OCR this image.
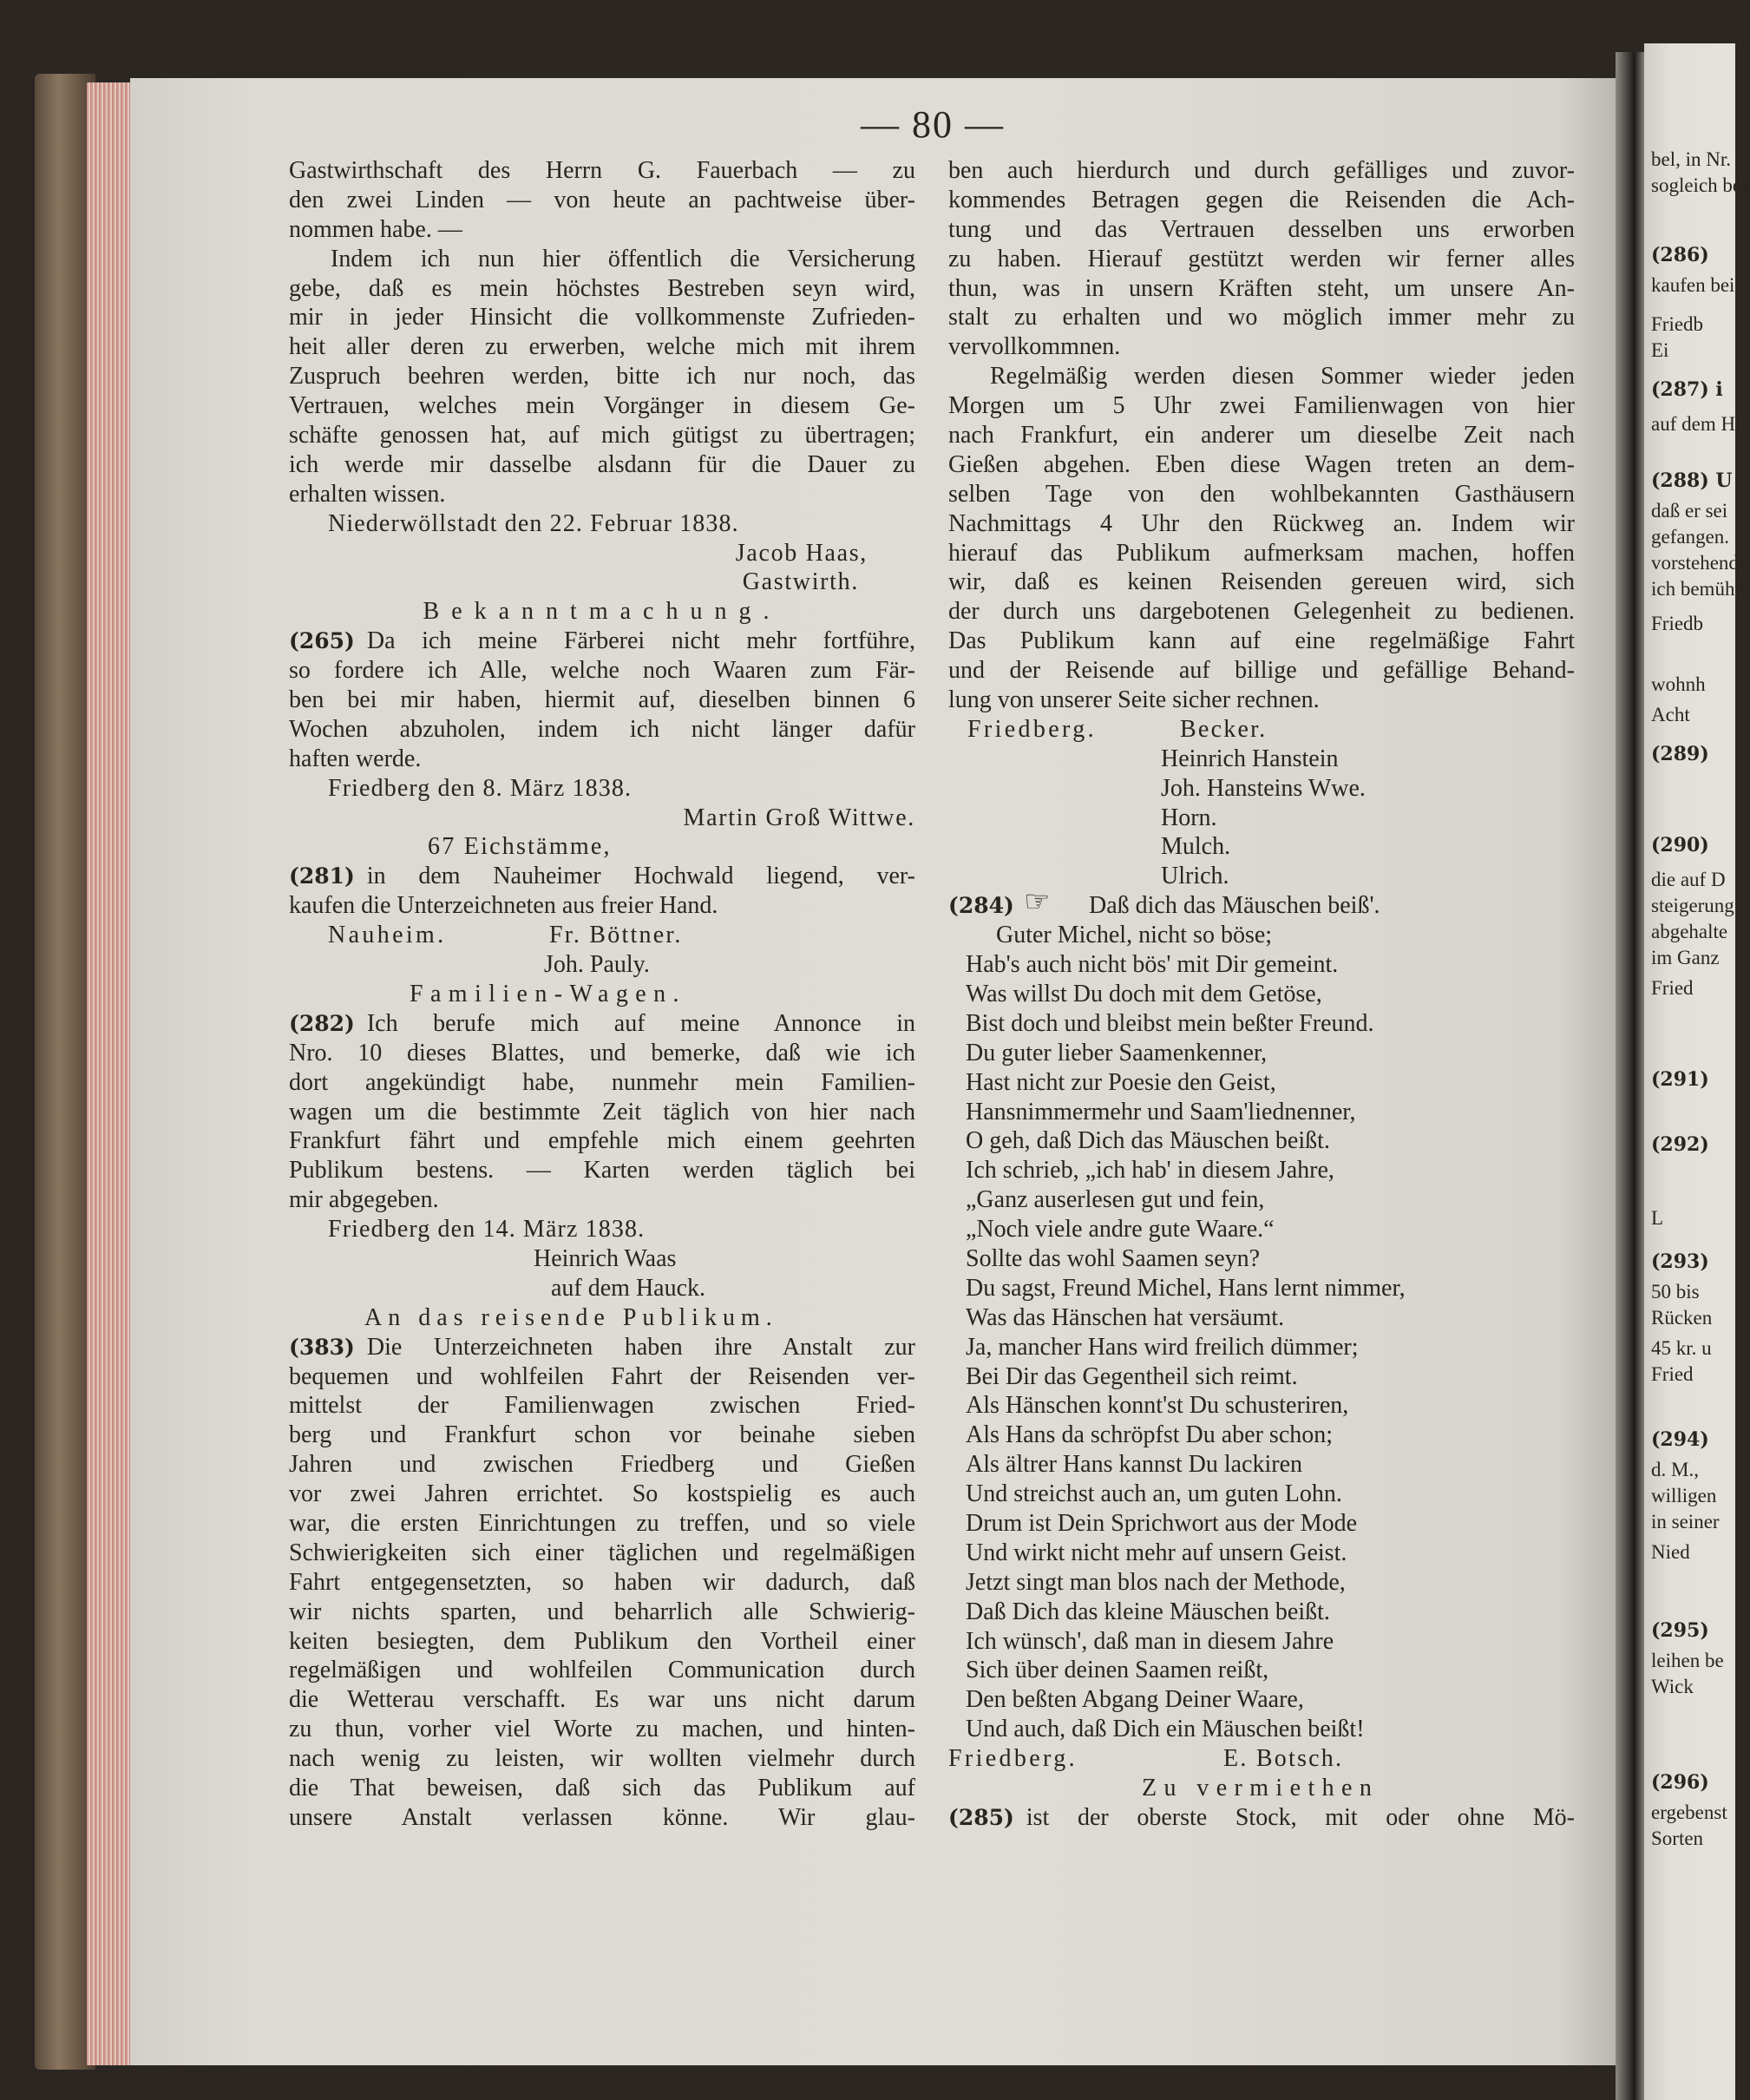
bel, in Nr.
sogleich bez
(286)
kaufen bei
Friedb
Ei
(287) i
auf dem H
(288) U
daß er sei
gefangen.
vorstehend
ich bemüht
Friedb
wohnh
Acht
(289)
(290)
die auf D
steigerung
abgehalte
im Ganz
Fried
(291)
(292)
L
(293)
50 bis
Rücken
45 kr. u
Fried
(294)
d. M.,
willigen
in seiner
Nied
(295)
leihen be
Wick
(296)
ergebenst
Sorten
— 80 —
Gastwirthschaft des Herrn G. Fauerbach — zu
den zwei Linden — von heute an pachtweise über-
nommen habe. —
Indem ich nun hier öffentlich die Versicherung
gebe, daß es mein höchstes Bestreben seyn wird,
mir in jeder Hinsicht die vollkommenste Zufrieden-
heit aller deren zu erwerben, welche mich mit ihrem
Zuspruch beehren werden, bitte ich nur noch, das
Vertrauen, welches mein Vorgänger in diesem Ge-
schäfte genossen hat, auf mich gütigst zu übertragen;
ich werde mir dasselbe alsdann für die Dauer zu
erhalten wissen.
Niederwöllstadt den 22. Februar 1838.
Jacob Haas,
Gastwirth.
Bekanntmachung.
(265) Da ich meine Färberei nicht mehr fortführe,
so fordere ich Alle, welche noch Waaren zum Fär-
ben bei mir haben, hiermit auf, dieselben binnen 6
Wochen abzuholen, indem ich nicht länger dafür
haften werde.
Friedberg den 8. März 1838.
Martin Groß Wittwe.
67 Eichstämme,
(281) in dem Nauheimer Hochwald liegend, ver-
kaufen die Unterzeichneten aus freier Hand.
Nauheim.	Fr. Böttner.
Joh. Pauly.
Familien-Wagen.
(282) Ich berufe mich auf meine Annonce in
Nro. 10 dieses Blattes, und bemerke, daß wie ich
dort angekündigt habe, nunmehr mein Familien-
wagen um die bestimmte Zeit täglich von hier nach
Frankfurt fährt und empfehle mich einem geehrten
Publikum bestens. — Karten werden täglich bei
mir abgegeben.
Friedberg den 14. März 1838.
Heinrich Waas
auf dem Hauck.
An das reisende Publikum.
(383) Die Unterzeichneten haben ihre Anstalt zur
bequemen und wohlfeilen Fahrt der Reisenden ver-
mittelst der Familienwagen zwischen Fried-
berg und Frankfurt schon vor beinahe sieben
Jahren und zwischen Friedberg und Gießen
vor zwei Jahren errichtet. So kostspielig es auch
war, die ersten Einrichtungen zu treffen, und so viele
Schwierigkeiten sich einer täglichen und regelmäßigen
Fahrt entgegensetzten, so haben wir dadurch, daß
wir nichts sparten, und beharrlich alle Schwierig-
keiten besiegten, dem Publikum den Vortheil einer
regelmäßigen und wohlfeilen Communication durch
die Wetterau verschafft. Es war uns nicht darum
zu thun, vorher viel Worte zu machen, und hinten-
nach wenig zu leisten, wir wollten vielmehr durch
die That beweisen, daß sich das Publikum auf
unsere Anstalt verlassen könne. Wir glau-
ben auch hierdurch und durch gefälliges und zuvor-
kommendes Betragen gegen die Reisenden die Ach-
tung und das Vertrauen desselben uns erworben
zu haben. Hierauf gestützt werden wir ferner alles
thun, was in unsern Kräften steht, um unsere An-
stalt zu erhalten und wo möglich immer mehr zu
vervollkommnen.
Regelmäßig werden diesen Sommer wieder jeden
Morgen um 5 Uhr zwei Familienwagen von hier
nach Frankfurt, ein anderer um dieselbe Zeit nach
Gießen abgehen. Eben diese Wagen treten an dem-
selben Tage von den wohlbekannten Gasthäusern
Nachmittags 4 Uhr den Rückweg an. Indem wir
hierauf das Publikum aufmerksam machen, hoffen
wir, daß es keinen Reisenden gereuen wird, sich
der durch uns dargebotenen Gelegenheit zu bedienen.
Das Publikum kann auf eine regelmäßige Fahrt
und der Reisende auf billige und gefällige Behand-
lung von unserer Seite sicher rechnen.
Friedberg.	Becker.
Heinrich Hanstein
Joh. Hansteins Wwe.
Horn.
Mulch.
Ulrich.
(284) ☞ Daß dich das Mäuschen beiß'.
Guter Michel, nicht so böse;
Hab's auch nicht bös' mit Dir gemeint.
Was willst Du doch mit dem Getöse,
Bist doch und bleibst mein beßter Freund.
Du guter lieber Saamenkenner,
Hast nicht zur Poesie den Geist,
Hansnimmermehr und Saam'liednenner,
O geh, daß Dich das Mäuschen beißt.
Ich schrieb, „ich hab' in diesem Jahre,
„Ganz auserlesen gut und fein,
„Noch viele andre gute Waare.“
Sollte das wohl Saamen seyn?
Du sagst, Freund Michel, Hans lernt nimmer,
Was das Hänschen hat versäumt.
Ja, mancher Hans wird freilich dümmer;
Bei Dir das Gegentheil sich reimt.
Als Hänschen konnt'st Du schusteriren,
Als Hans da schröpfst Du aber schon;
Als ältrer Hans kannst Du lackiren
Und streichst auch an, um guten Lohn.
Drum ist Dein Sprichwort aus der Mode
Und wirkt nicht mehr auf unsern Geist.
Jetzt singt man blos nach der Methode,
Daß Dich das kleine Mäuschen beißt.
Ich wünsch', daß man in diesem Jahre
Sich über deinen Saamen reißt,
Den beßten Abgang Deiner Waare,
Und auch, daß Dich ein Mäuschen beißt!
Friedberg.	E. Botsch.
Zu vermiethen
(285) ist der oberste Stock, mit oder ohne Mö-
